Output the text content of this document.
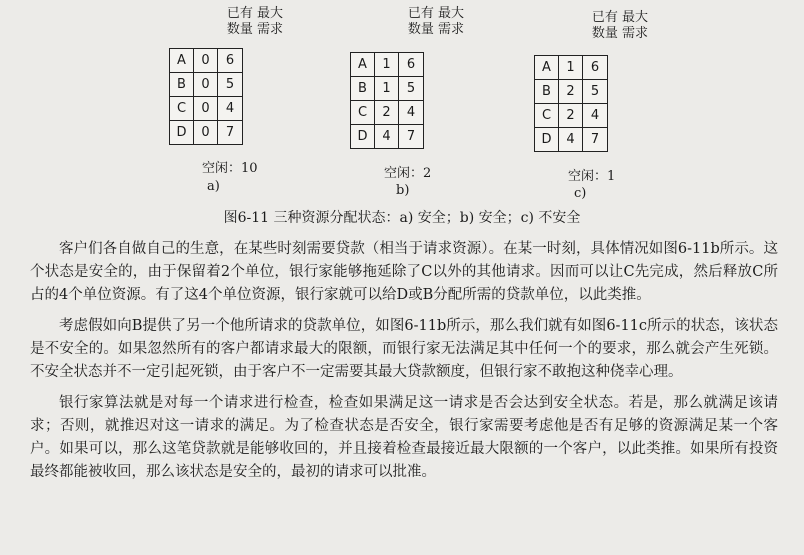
已有 最大
数量 需求
A	0	6
B	0	5
C	0	4
D	0	7
空闲：10
a)
已有 最大
数量 需求
A	1	6
B	1	5
C	2	4
D	4	7
空闲：2
b)
已有 最大
数量 需求
A	1	6
B	2	5
C	2	4
D	4	7
空闲：1
c)
图6-11 三种资源分配状态：a) 安全；b) 安全；c) 不安全

客户们各自做自己的生意，在某些时刻需要贷款（相当于请求资源）。在某一时刻，具体情况如图6-11b所示。这个状态是安全的，由于保留着2个单位，银行家能够拖延除了C以外的其他请求。因而可以让C先完成，然后释放C所占的4个单位资源。有了这4个单位资源，银行家就可以给D或B分配所需的贷款单位，以此类推。

考虑假如向B提供了另一个他所请求的贷款单位，如图6-11b所示，那么我们就有如图6-11c所示的状态，该状态是不安全的。如果忽然所有的客户都请求最大的限额，而银行家无法满足其中任何一个的要求，那么就会产生死锁。不安全状态并不一定引起死锁，由于客户不一定需要其最大贷款额度，但银行家不敢抱这种侥幸心理。

银行家算法就是对每一个请求进行检查，检查如果满足这一请求是否会达到安全状态。若是，那么就满足该请求；否则，就推迟对这一请求的满足。为了检查状态是否安全，银行家需要考虑他是否有足够的资源满足某一个客户。如果可以，那么这笔贷款就是能够收回的，并且接着检查最接近最大限额的一个客户，以此类推。如果所有投资最终都能被收回，那么该状态是安全的，最初的请求可以批准。
